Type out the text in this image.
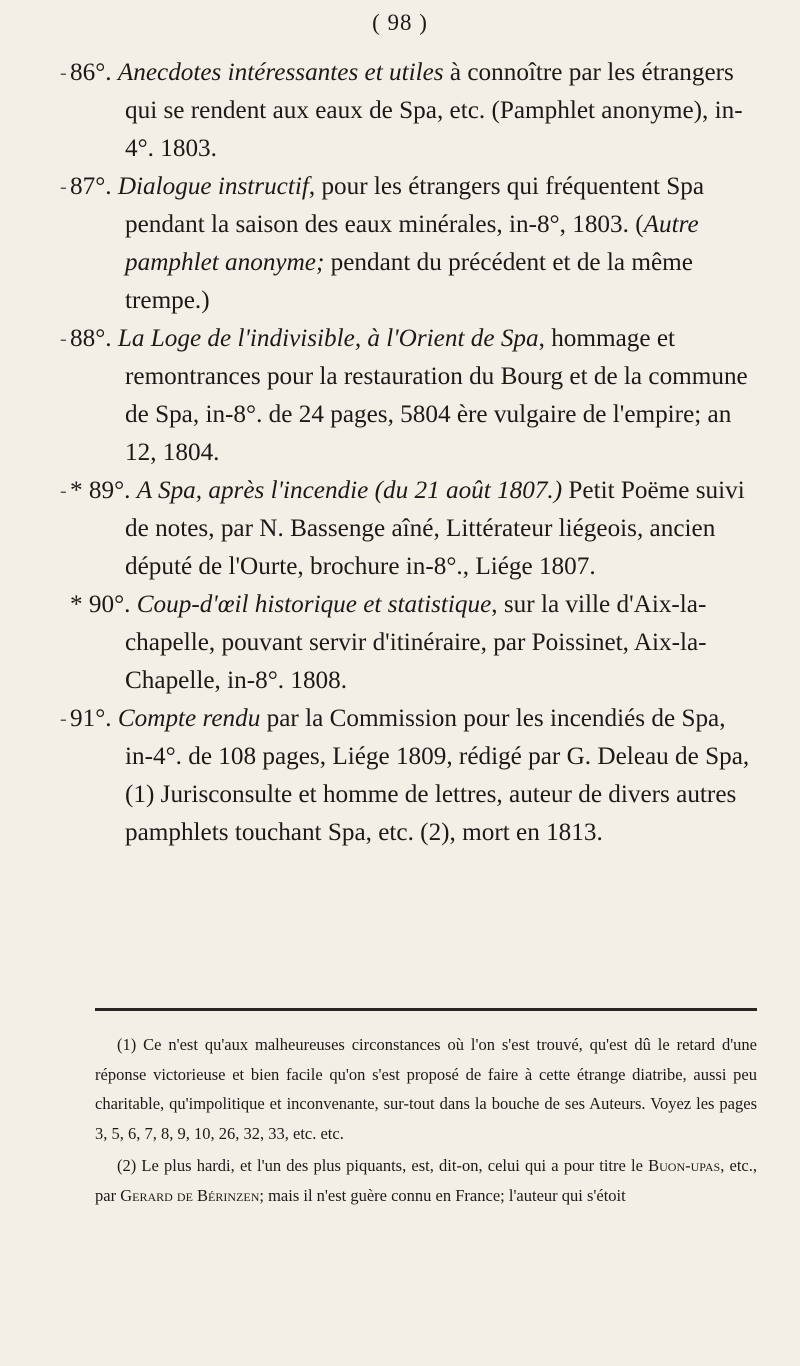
( 98 )

- 86°. Anecdotes intéressantes et utiles à connoître par les étrangers qui se rendent aux eaux de Spa, etc. (Pamphlet anonyme), in-4°. 1803.

- 87°. Dialogue instructif, pour les étrangers qui fréquentent Spa pendant la saison des eaux minérales, in-8°, 1803. (Autre pamphlet anonyme; pendant du précédent et de la même trempe.)

- 88°. La Loge de l'indivisible, à l'Orient de Spa, hommage et remontrances pour la restauration du Bourg et de la commune de Spa, in-8°. de 24 pages, 5804 ère vulgaire de l'empire; an 12, 1804.

- * 89°. A Spa, après l'incendie (du 21 août 1807.) Petit Poëme suivi de notes, par N. Bassenge aîné, Littérateur liégeois, ancien député de l'Ourte, brochure in-8°., Liége 1807.

* 90°. Coup-d'œil historique et statistique, sur la ville d'Aix-la-chapelle, pouvant servir d'itinéraire, par Poissinet, Aix-la-Chapelle, in-8°. 1808.

- 91°. Compte rendu par la Commission pour les incendiés de Spa, in-4°. de 108 pages, Liége 1809, rédigé par G. Deleau de Spa, (1) Jurisconsulte et homme de lettres, auteur de divers autres pamphlets touchant Spa, etc. (2), mort en 1813.

(1) Ce n'est qu'aux malheureuses circonstances où l'on s'est trouvé, qu'est dû le retard d'une réponse victorieuse et bien facile qu'on s'est proposé de faire à cette étrange diatribe, aussi peu charitable, qu'impolitique et inconvenante, sur-tout dans la bouche de ses Auteurs. Voyez les pages 3, 5, 6, 7, 8, 9, 10, 26, 32, 33, etc. etc.

(2) Le plus hardi, et l'un des plus piquants, est, dit-on, celui qui a pour titre le Buon-upas, etc., par Gerard de Bérinzen; mais il n'est guère connu en France; l'auteur qui s'étoit
